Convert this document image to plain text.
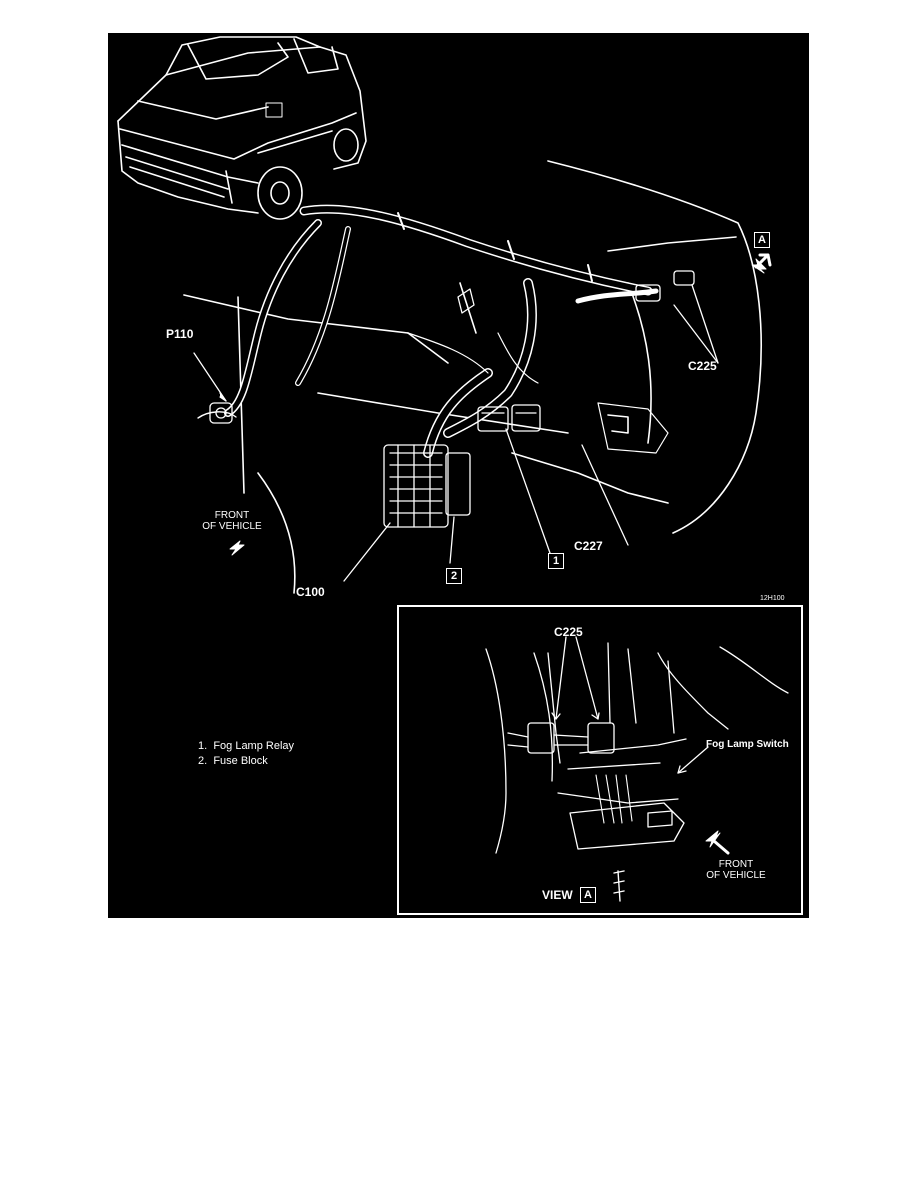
A
C225
P110
FRONT
OF VEHICLE
1
C227
2
C100	12H100
1. Fog Lamp Relay
2. Fuse Block
C225
Fog Lamp Switch
FRONT
OF VEHICLE
VIEW	A
